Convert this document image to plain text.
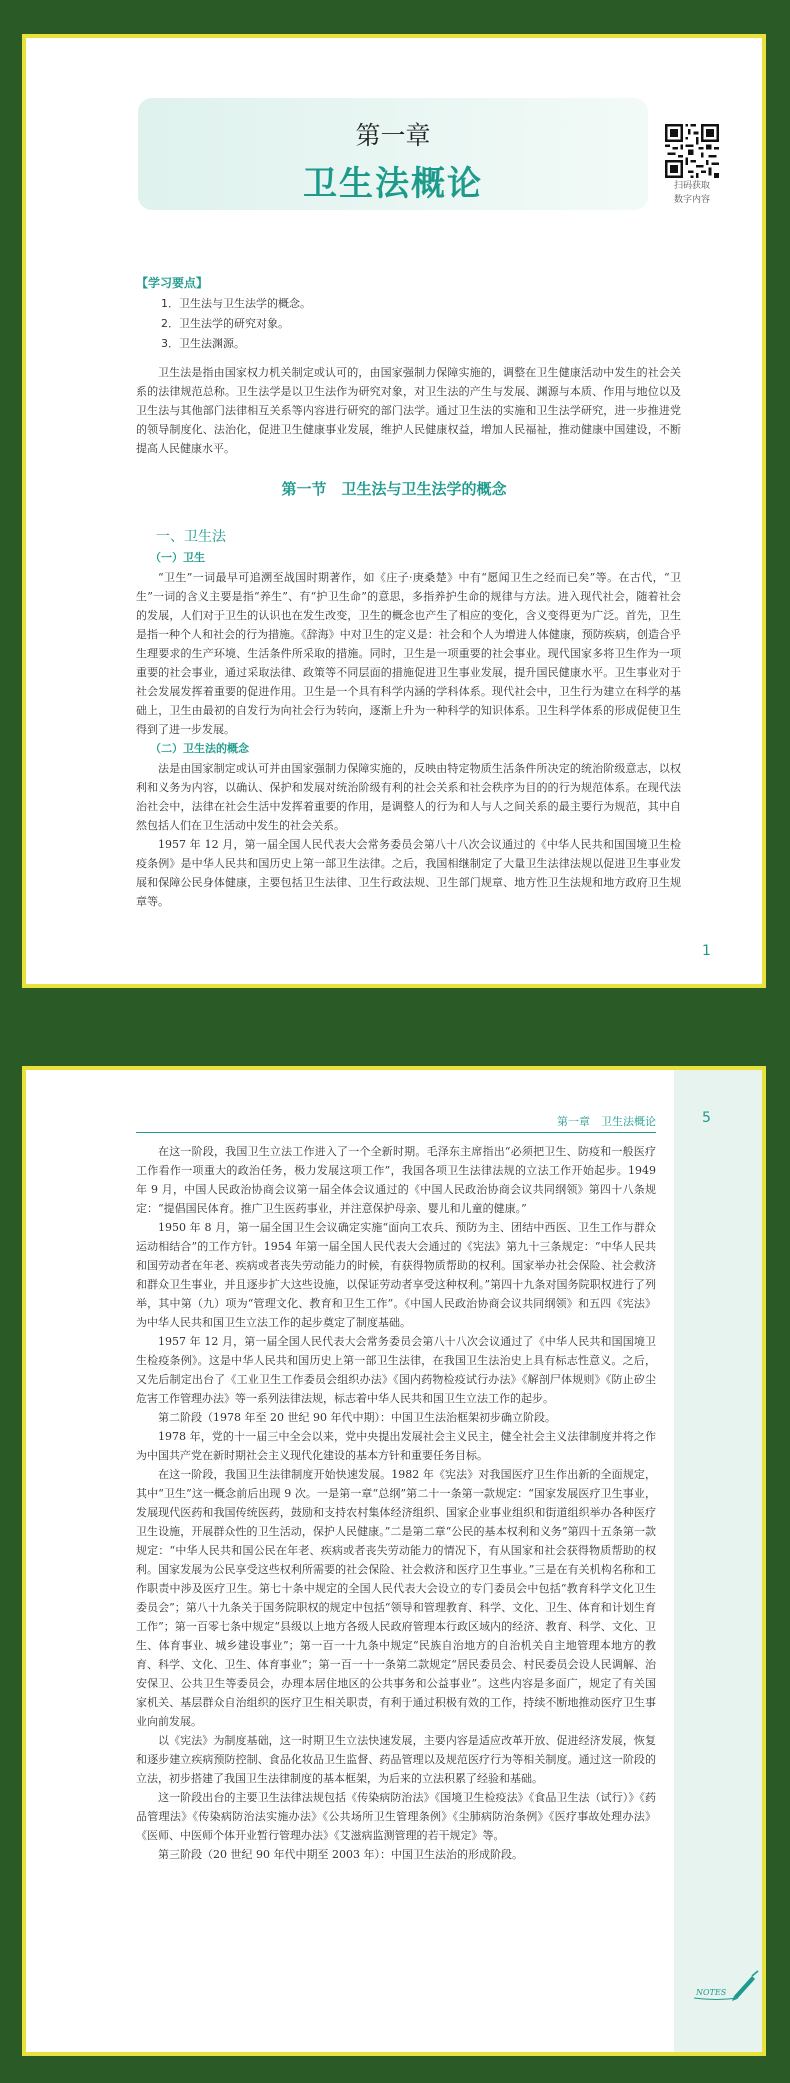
第一章
卫生法概论	扫码获取
数字内容
【学习要点】
1．卫生法与卫生法学的概念。
2．卫生法学的研究对象。
3．卫生法渊源。

卫生法是指由国家权力机关制定或认可的，由国家强制力保障实施的，调整在卫生健康活动中发生的社会关系的法律规范总称。卫生法学是以卫生法作为研究对象，对卫生法的产生与发展、渊源与本质、作用与地位以及卫生法与其他部门法律相互关系等内容进行研究的部门法学。通过卫生法的实施和卫生法学研究，进一步推进党的领导制度化、法治化，促进卫生健康事业发展，维护人民健康权益，增加人民福祉，推动健康中国建设，不断提高人民健康水平。

第一节　卫生法与卫生法学的概念
一、卫生法
（一）卫生

“卫生”一词最早可追溯至战国时期著作，如《庄子·庚桑楚》中有“愿闻卫生之经而已矣”等。在古代，“卫生”一词的含义主要是指“养生”、有“护卫生命”的意思，多指养护生命的规律与方法。进入现代社会，随着社会的发展，人们对于卫生的认识也在发生改变，卫生的概念也产生了相应的变化，含义变得更为广泛。首先，卫生是指一种个人和社会的行为措施。《辞海》中对卫生的定义是：社会和个人为增进人体健康，预防疾病，创造合乎生理要求的生产环境、生活条件所采取的措施。同时，卫生是一项重要的社会事业。现代国家多将卫生作为一项重要的社会事业，通过采取法律、政策等不同层面的措施促进卫生事业发展，提升国民健康水平。卫生事业对于社会发展发挥着重要的促进作用。卫生是一个具有科学内涵的学科体系。现代社会中，卫生行为建立在科学的基础上，卫生由最初的自发行为向社会行为转向，逐渐上升为一种科学的知识体系。卫生科学体系的形成促使卫生得到了进一步发展。

（二）卫生法的概念

法是由国家制定或认可并由国家强制力保障实施的，反映由特定物质生活条件所决定的统治阶级意志，以权利和义务为内容，以确认、保护和发展对统治阶级有利的社会关系和社会秩序为目的的行为规范体系。在现代法治社会中，法律在社会生活中发挥着重要的作用，是调整人的行为和人与人之间关系的最主要行为规范，其中自然包括人们在卫生活动中发生的社会关系。

1957 年 12 月，第一届全国人民代表大会常务委员会第八十八次会议通过的《中华人民共和国国境卫生检疫条例》是中华人民共和国历史上第一部卫生法律。之后，我国相继制定了大量卫生法律法规以促进卫生事业发展和保障公民身体健康，主要包括卫生法律、卫生行政法规、卫生部门规章、地方性卫生法规和地方政府卫生规章等。

1
第一章　卫生法概论	5

在这一阶段，我国卫生立法工作进入了一个全新时期。毛泽东主席指出“必须把卫生、防疫和一般医疗工作看作一项重大的政治任务，极力发展这项工作”，我国各项卫生法律法规的立法工作开始起步。1949 年 9 月，中国人民政治协商会议第一届全体会议通过的《中国人民政治协商会议共同纲领》第四十八条规定：“提倡国民体育。推广卫生医药事业，并注意保护母亲、婴儿和儿童的健康。”

1950 年 8 月，第一届全国卫生会议确定实施“面向工农兵、预防为主、团结中西医、卫生工作与群众运动相结合”的工作方针。1954 年第一届全国人民代表大会通过的《宪法》第九十三条规定：“中华人民共和国劳动者在年老、疾病或者丧失劳动能力的时候，有获得物质帮助的权利。国家举办社会保险、社会救济和群众卫生事业，并且逐步扩大这些设施，以保证劳动者享受这种权利。”第四十九条对国务院职权进行了列举，其中第（九）项为“管理文化、教育和卫生工作”。《中国人民政治协商会议共同纲领》和五四《宪法》为中华人民共和国卫生立法工作的起步奠定了制度基础。

1957 年 12 月，第一届全国人民代表大会常务委员会第八十八次会议通过了《中华人民共和国国境卫生检疫条例》。这是中华人民共和国历史上第一部卫生法律，在我国卫生法治史上具有标志性意义。之后，又先后制定出台了《工业卫生工作委员会组织办法》《国内药物检疫试行办法》《解剖尸体规则》《防止矽尘危害工作管理办法》等一系列法律法规，标志着中华人民共和国卫生立法工作的起步。

第二阶段（1978 年至 20 世纪 90 年代中期）：中国卫生法治框架初步确立阶段。

1978 年，党的十一届三中全会以来，党中央提出发展社会主义民主，健全社会主义法律制度并将之作为中国共产党在新时期社会主义现代化建设的基本方针和重要任务目标。

在这一阶段，我国卫生法律制度开始快速发展。1982 年《宪法》对我国医疗卫生作出新的全面规定，其中“卫生”这一概念前后出现 9 次。一是第一章“总纲”第二十一条第一款规定：“国家发展医疗卫生事业，发展现代医药和我国传统医药，鼓励和支持农村集体经济组织、国家企业事业组织和街道组织举办各种医疗卫生设施，开展群众性的卫生活动，保护人民健康。”二是第二章“公民的基本权利和义务”第四十五条第一款规定：“中华人民共和国公民在年老、疾病或者丧失劳动能力的情况下，有从国家和社会获得物质帮助的权利。国家发展为公民享受这些权利所需要的社会保险、社会救济和医疗卫生事业。”三是在有关机构名称和工作职责中涉及医疗卫生。第七十条中规定的全国人民代表大会设立的专门委员会中包括“教育科学文化卫生委员会”；第八十九条关于国务院职权的规定中包括“领导和管理教育、科学、文化、卫生、体育和计划生育工作”；第一百零七条中规定“县级以上地方各级人民政府管理本行政区域内的经济、教育、科学、文化、卫生、体育事业、城乡建设事业”；第一百一十九条中规定“民族自治地方的自治机关自主地管理本地方的教育、科学、文化、卫生、体育事业”；第一百一十一条第二款规定“居民委员会、村民委员会设人民调解、治安保卫、公共卫生等委员会，办理本居住地区的公共事务和公益事业”。这些内容是多面广，规定了有关国家机关、基层群众自治组织的医疗卫生相关职责，有利于通过积极有效的工作，持续不断地推动医疗卫生事业向前发展。

以《宪法》为制度基础，这一时期卫生立法快速发展，主要内容是适应改革开放、促进经济发展，恢复和逐步建立疾病预防控制、食品化妆品卫生监督、药品管理以及规范医疗行为等相关制度。通过这一阶段的立法，初步搭建了我国卫生法律制度的基本框架，为后来的立法积累了经验和基础。

这一阶段出台的主要卫生法律法规包括《传染病防治法》《国境卫生检疫法》《食品卫生法（试行）》《药品管理法》《传染病防治法实施办法》《公共场所卫生管理条例》《尘肺病防治条例》《医疗事故处理办法》《医师、中医师个体开业暂行管理办法》《艾滋病监测管理的若干规定》等。

第三阶段（20 世纪 90 年代中期至 2003 年）：中国卫生法治的形成阶段。

NOTES
